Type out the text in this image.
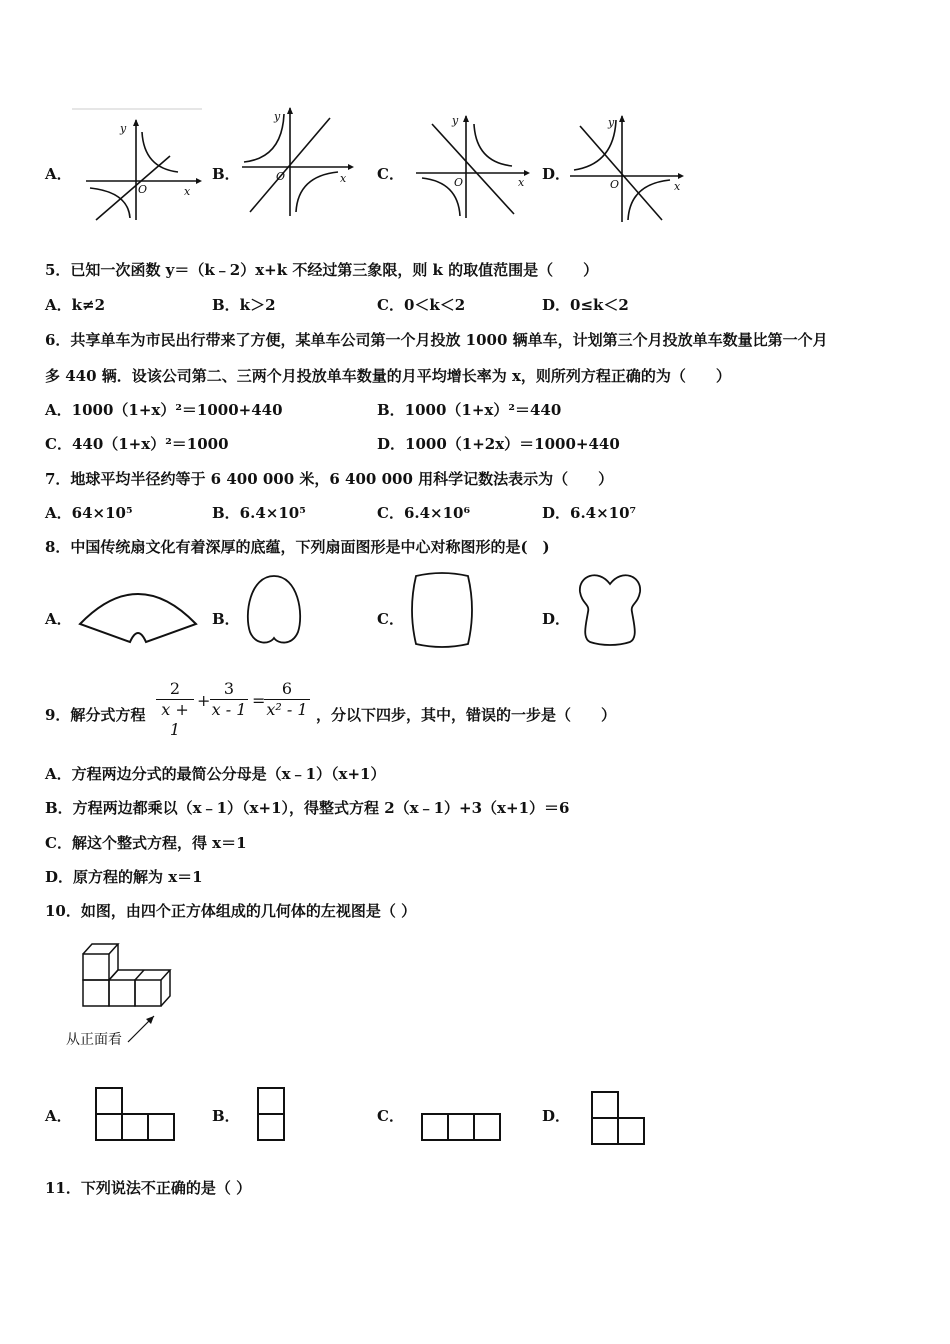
A．
y
x
O
B．
y
x
O	C．
y
x
O	D．
y
x
O
5．已知一次函数 y＝（k﹣2）x+k 不经过第三象限，则 k 的取值范围是（　　）
A．k≠2	B．k＞2	C．0＜k＜2	D．0≤k＜2
6．共享单车为市民出行带来了方便，某单车公司第一个月投放 1000 辆单车，计划第三个月投放单车数量比第一个月
多 440 辆．设该公司第二、三两个月投放单车数量的月平均增长率为 x，则所列方程正确的为（　　）
A．1000（1+x）²＝1000+440	B．1000（1+x）²＝440
C．440（1+x）²＝1000	D．1000（1+2x）＝1000+440
7．地球平均半径约等于 6 400 000 米，6 400 000 用科学记数法表示为（　　）
A．64×10⁵	B．6.4×10⁵	C．6.4×10⁶	D．6.4×10⁷
8．中国传统扇文化有着深厚的底蕴，下列扇面图形是中心对称图形的是(　)
A．	B．	C．	D．
9．解分式方程 $\frac{2}{x + 1} + \frac{3}{x - 1}$ =
$\frac{6}{\text{x² - 1}}$ ，分以下四步，其中，错误的一步是（　　）
A．方程两边分式的最简公分母是（x﹣1）（x+1）
B．方程两边都乘以（x﹣1）（x+1），得整式方程 2（x﹣1）+3（x+1）＝6
C．解这个整式方程，得 x＝1
D．原方程的解为 x＝1
10．如图，由四个正方体组成的几何体的左视图是（ ）
从正面看
A．	B．	C．	D．
11．下列说法不正确的是（ ）
